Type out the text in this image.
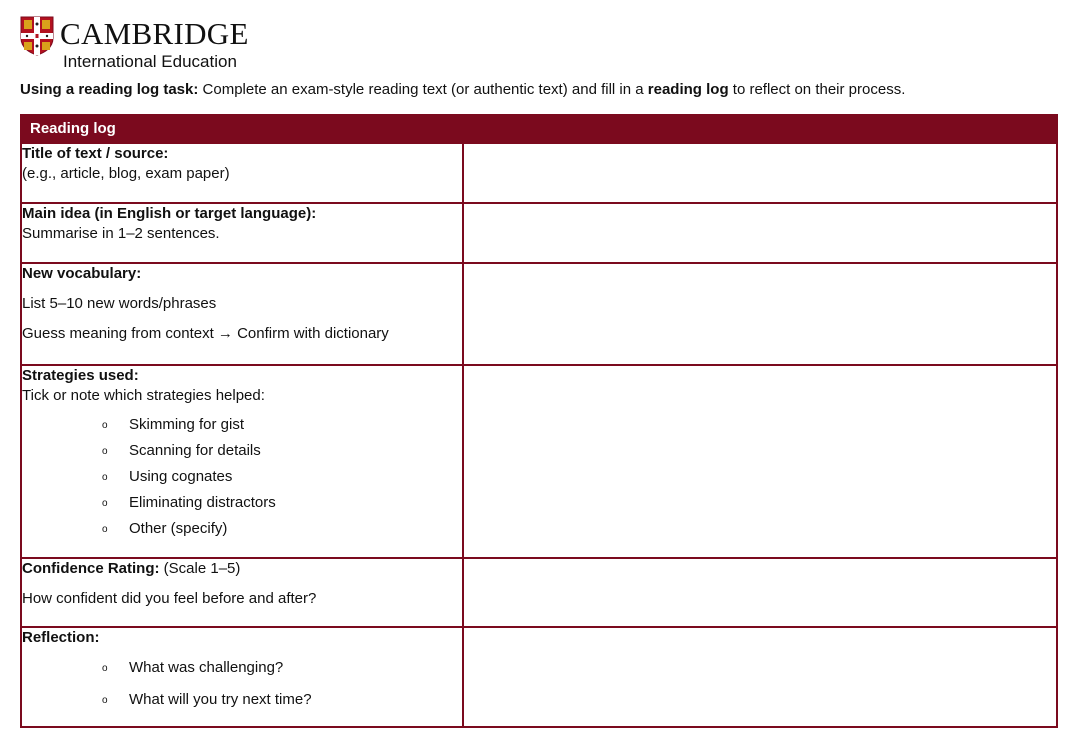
CAMBRIDGE
International Education
Using a reading log task: Complete an exam-style reading text (or authentic text) and fill in a reading log to reflect on their process.
Reading log	

Title of text / source:
(e.g., article, blog, exam paper)	

Main idea (in English or target language):
Summarise in 1–2 sentences.	

New vocabulary:
List 5–10 new words/phrases
Guess meaning from context → Confirm with dictionary	

Strategies used:
Tick or note which strategies helped:
o Skimming for gist
o Scanning for details
o Using cognates
o Eliminating distractors
o Other (specify)

Confidence Rating: (Scale 1–5)
How confident did you feel before and after?	

Reflection:
o What was challenging?
o What will you try next time?
